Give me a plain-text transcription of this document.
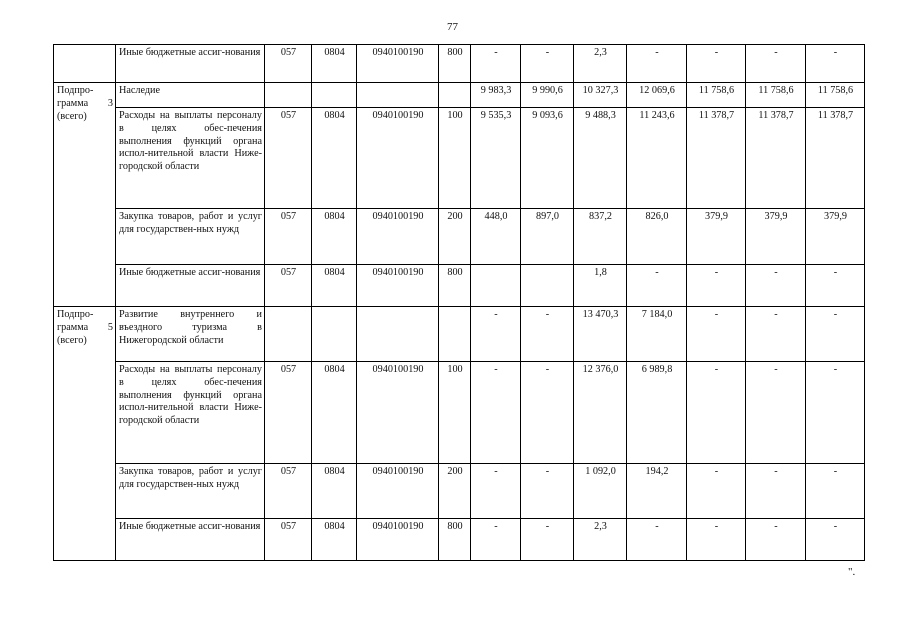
77
	Иные бюджетные ассиг-нования	057	0804	0940100190	800	-	-	2,3	-	-	-	-
Подпро-грамма 3 (всего)	Наследие					9 983,3	9 990,6	10 327,3	12 069,6	11 758,6	11 758,6	11 758,6
	Расходы на выплаты персоналу в целях обес-печения выполнения функций органа испол-нительной власти Ниже-городской области	057	0804	0940100190	100	9 535,3	9 093,6	9 488,3	11 243,6	11 378,7	11 378,7	11 378,7
	Закупка товаров, работ и услуг для государствен-ных нужд	057	0804	0940100190	200	448,0	897,0	837,2	826,0	379,9	379,9	379,9
	Иные бюджетные ассиг-нования	057	0804	0940100190	800			1,8	-	-	-	-
Подпро-грамма 5 (всего)	Развитие внутреннего и въездного туризма в Нижегородской области					-	-	13 470,3	7 184,0	-	-	-
	Расходы на выплаты персоналу в целях обес-печения выполнения функций органа испол-нительной власти Ниже-городской области	057	0804	0940100190	100	-	-	12 376,0	6 989,8	-	-	-
	Закупка товаров, работ и услуг для государствен-ных нужд	057	0804	0940100190	200	-	-	1 092,0	194,2	-	-	-
	Иные бюджетные ассиг-нования	057	0804	0940100190	800	-	-	2,3	-	-	-	-
".
